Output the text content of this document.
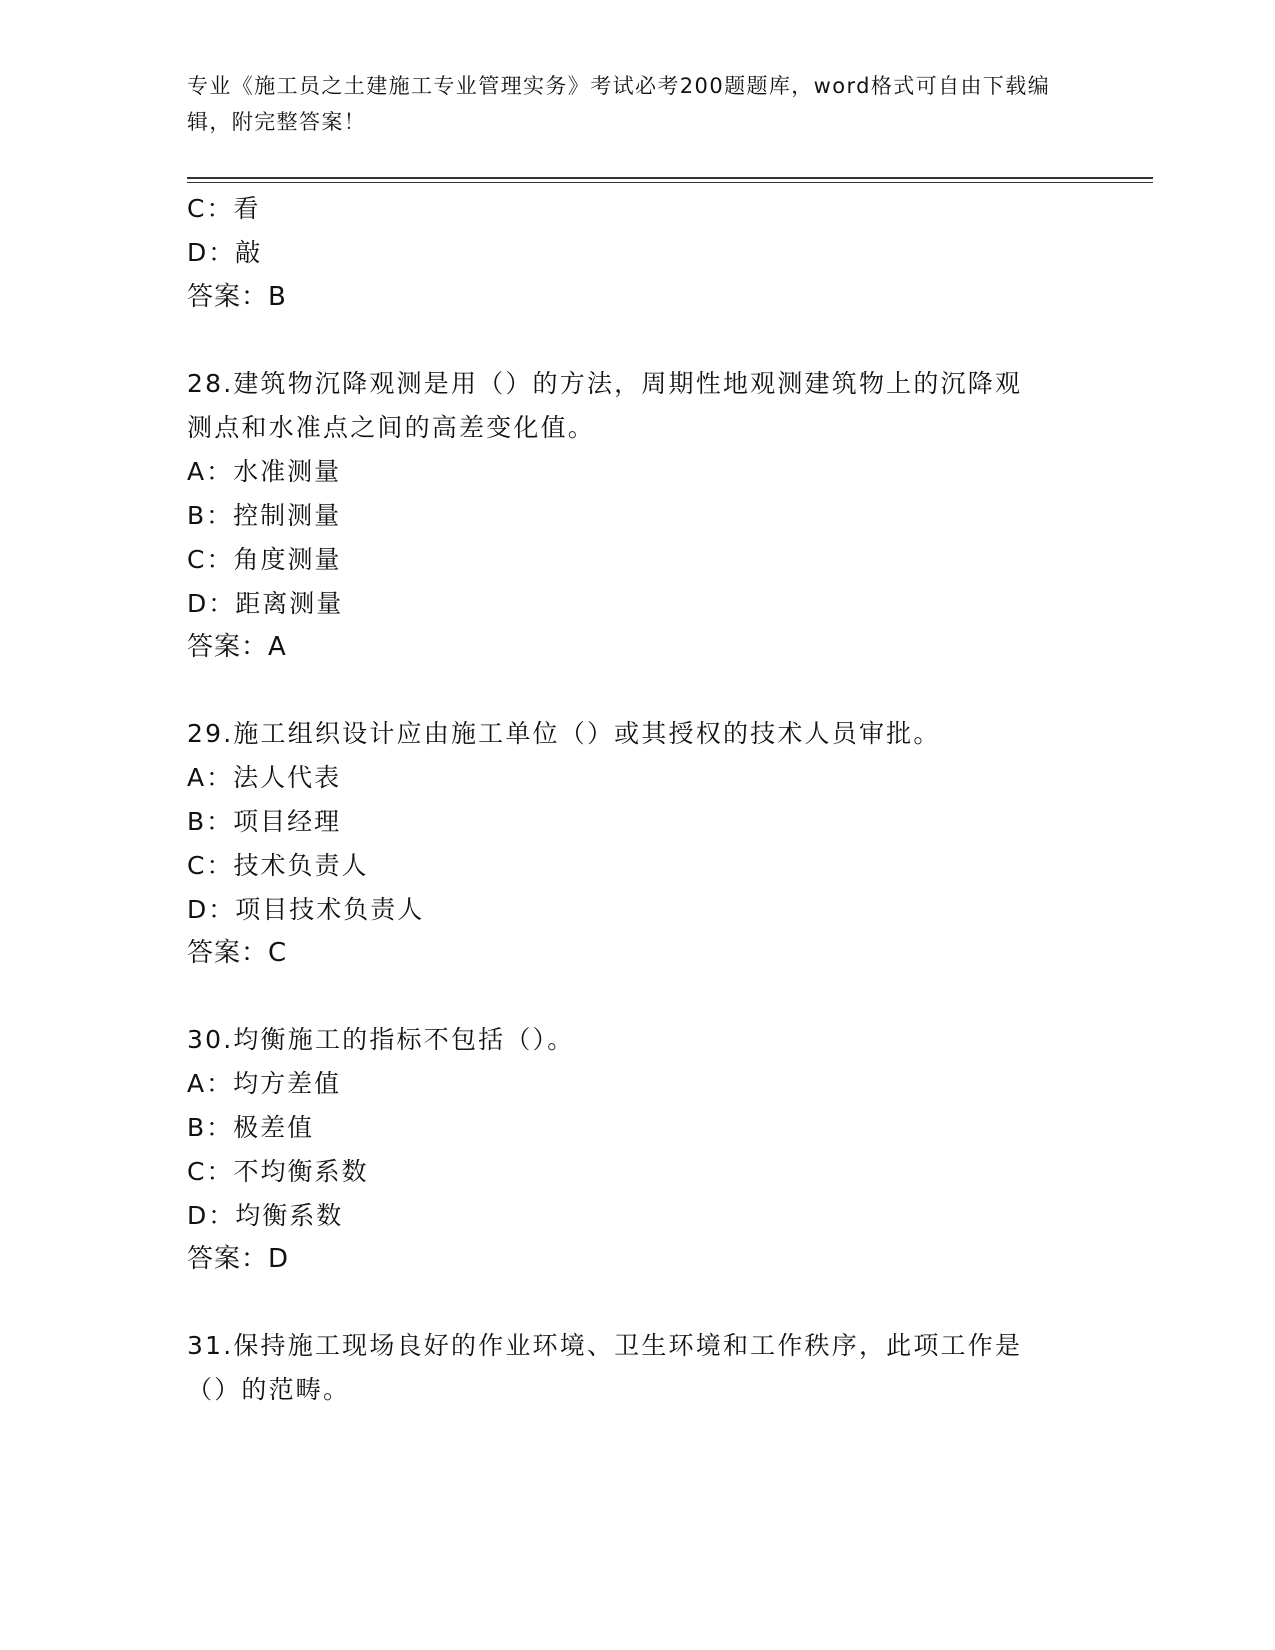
专业《施工员之土建施工专业管理实务》考试必考200题题库，word格式可自由下载编辑，附完整答案！
C：看
D：敲
答案：B
28.建筑物沉降观测是用（）的方法，周期性地观测建筑物上的沉降观
测点和水准点之间的高差变化值。
A：水准测量
B：控制测量
C：角度测量
D：距离测量
答案：A
29.施工组织设计应由施工单位（）或其授权的技术人员审批。
A：法人代表
B：项目经理
C：技术负责人
D：项目技术负责人
答案：C
30.均衡施工的指标不包括（）。
A：均方差值
B：极差值
C：不均衡系数
D：均衡系数
答案：D
31.保持施工现场良好的作业环境、卫生环境和工作秩序，此项工作是
（）的范畴。
